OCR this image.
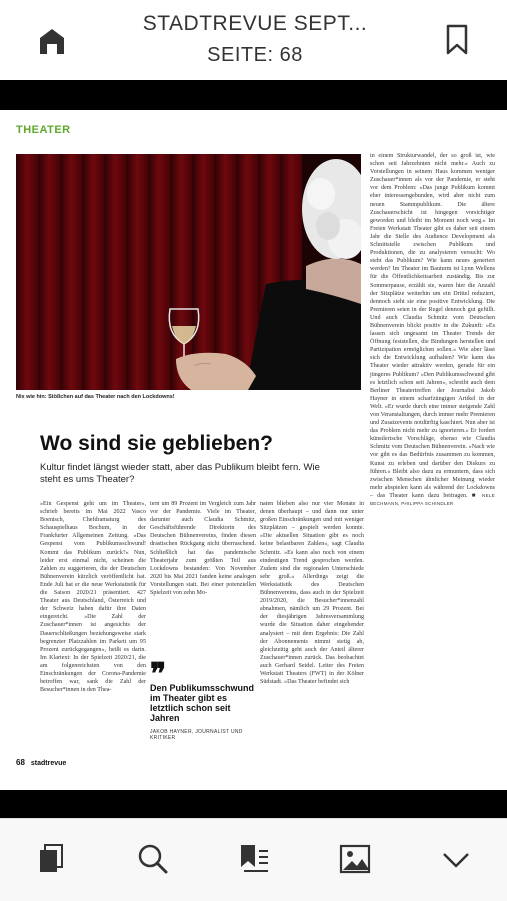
STADTREVUE SEPT...
SEITE: 68
THEATER
Nix wie hin: Stößchen auf das Theater nach den Lockdowns!
in einem Strukturwandel, der so groß ist, wie schon seit Jahrzehnten nicht mehr.« Auch zu Vorstellungen in seinem Haus kommen weniger Zuschauer*innen als vor der Pandemie, er steht vor dem Problem: »Das junge Publikum kommt eher interessengebunden, wird aber nicht zum neuen Stammpublikum. Die ältere Zuschauerschicht ist hingegen vorsichtiger geworden und bleibt im Moment noch weg.« Im Freien Werkstatt Theater gibt es daher seit einem Jahr die Stelle des Audience Development als Schnittstelle zwischen Publikum und Produktionen, die zu analysieren versucht: Wo steht das Publikum? Wie kann neues generiert werden? Im Theater im Bauturm ist Lynn Wellens für die Öffentlichkeitsarbeit zuständig. Bis zur Sommerpause, erzählt sie, waren hier die Anzahl der Sitzplätze weiterhin um ein Drittel reduziert, dennoch sieht sie eine positive Entwicklung. Die Premieren seien in der Regel dennoch gut gefüllt. Und auch Claudia Schmitz vom Deutschen Bühnenverein blickt positiv in die Zukunft: »Es lassen sich ungesamt im Theater Trends der Öffnung feststellen, die Bindungen herstellen und Partizipation ermöglichen sollen.« Wie aber lässt sich die Entwicklung aufhalten? Wie kann das Theater wieder attraktiv werden, gerade für ein jüngeres Publikum? »Den Publikumsschwund gibt es letztlich schon seit Jahren«, schreibt auch dem Berliner Theatertreffen der Journalist Jakob Hayner in einem scharfzüngigen Artikel in der Welt. »Er wurde durch eine immer steigende Zahl von Veranstaltungen, durch immer mehr Premieren und Zusatzevents notdürftig kaschiert. Nun aber ist das Problem nicht mehr zu ignorieren.« Er fordert künstlerische Vorschläge, ebenso wie Claudia Schmitz vom Deutschen Bühnenverein. »Nach wie vor gibt es das Bedürfnis zusammen zu kommen, Kunst zu erleben und darüber den Diskurs zu führen.« Bleibt also dazu zu ermuntern, dass sich zwischen Menschen ähnlicher Meinung wieder mehr abspielen kann als während der Lockdowns – das Theater kann dazu beitragen. ■ NELE BECHMANN, PHILIPPA SCHINDLER
Wo sind sie geblieben?
Kultur findet längst wieder statt, aber das Publikum bleibt fern. Wie steht es ums Theater?
»Ein Gespenst geht um im Theater«, schrieb bereits im Mai 2022 Vasco Boenisch, Chefdramaturg des Schauspielhaus Bochum, in der Frankfurter Allgemeinen Zeitung. »Das Gespenst vom Publikumsschwund! Kommt das Publikum zurück?« Nun, leider erst einmal nicht, scheinen die Zahlen zu suggerieren, die der Deutschen Bühnenverein kürzlich veröffentlicht hat. Ende Juli hat er die neue Werkstatistik für die Saison 2020/21 präsentiert. 427 Theater aus Deutschland, Österreich und der Schweiz haben dafür ihre Daten eingereicht. »Die Zahl der Zuschauer*innen ist angesichts der Dauerschließungen beziehungsweise stark begrenzter Platzzahlen im Parkett um 95 Prozent zurückgegangen«, heißt es darin. Im Klartext: In der Spielzeit 2020/21, die am folgenreichsten von den Einschränkungen der Corona-Pandemie betroffen war, sank die Zahl der Besucher*innen in den Thea-
tern um 89 Prozent im Vergleich zum Jahr vor der Pandemie. Viele im Theater, darunter auch Claudia Schmitz, Geschäftsführende Direktorin des Deutschen Bühnenvereins, finden diesen drastischen Rückgang nicht überraschend. Schließlich hat das pandemische Theaterjahr zum größten Teil aus Lockdowns bestanden: Von November 2020 bis Mai 2021 fanden keine analogen Vorstellungen statt. Bei einer potenziellen Spielzeit von zehn Mo-
naten blieben also nur vier Monate in denen überhaupt – und dann nur unter großen Einschränkungen und mit weniger Sitzplätzen – gespielt werden konnte. »Die aktuellen Situation gibt es noch keine belastbaren Zahlen«, sagt Claudia Schmitz. »Es kann also noch von einem eindeutigen Trend gesprochen werden. Zudem sind die regionalen Unterschiede sehr groß.« Allerdings zeigt die Werkstatistik des Deutschen Bühnenvereins, dass auch in der Spielzeit 2019/2020, die Besucher*innenzahl abnahmen, nämlich um 29 Prozent. Bei der diesjährigen Jahresversammlung wurde die Situation daher eingehender analysiert – mit dem Ergebnis: Die Zahl der Abonnements nimmt stetig ab, gleichzeitig geht auch der Anteil älterer Zuschauer*innen zurück. Das beobachtet auch Gerhard Seidel. Leiter des Freien Werkstatt Theaters (FWT) in der Kölner Südstadt. »Das Theater befindet sich
❞
Den Publikumsschwund im Theater gibt es letztlich schon seit Jahren
JAKOB HAYNER, JOURNALIST UND KRITIKER
68 stadtrevue
